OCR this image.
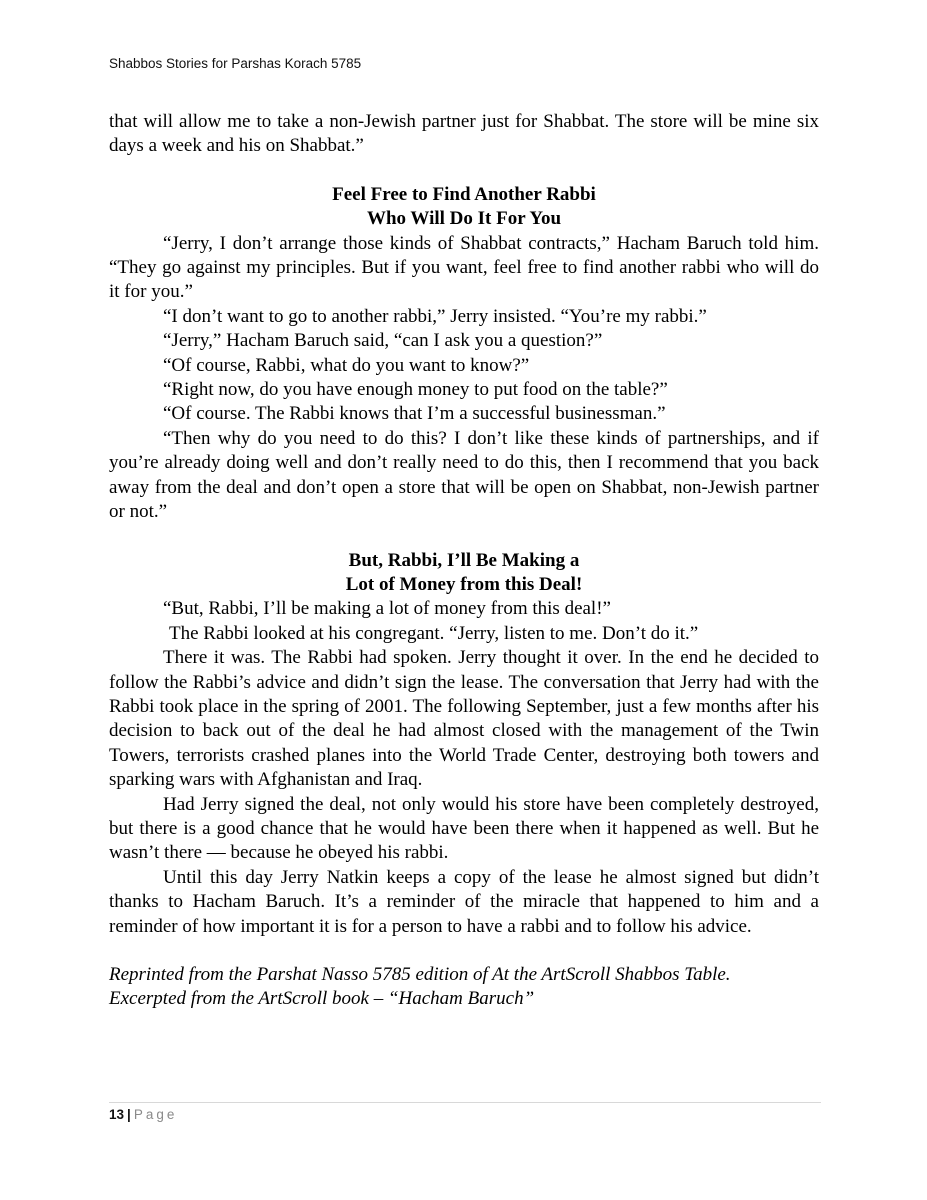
Shabbos Stories for Parshas Korach 5785

that will allow me to take a non-Jewish partner just for Shabbat. The store will be mine six days a week and his on Shabbat.”

Feel Free to Find Another Rabbi
Who Will Do It For You

“Jerry, I don’t arrange those kinds of Shabbat contracts,” Hacham Baruch told him. “They go against my principles. But if you want, feel free to find another rabbi who will do it for you.”

“I don’t want to go to another rabbi,” Jerry insisted. “You’re my rabbi.”

“Jerry,” Hacham Baruch said, “can I ask you a question?”

“Of course, Rabbi, what do you want to know?”

“Right now, do you have enough money to put food on the table?”

“Of course. The Rabbi knows that I’m a successful businessman.”

“Then why do you need to do this? I don’t like these kinds of partnerships, and if you’re already doing well and don’t really need to do this, then I recommend that you back away from the deal and don’t open a store that will be open on Shabbat, non-Jewish partner or not.”

But, Rabbi, I’ll Be Making a
Lot of Money from this Deal!

“But, Rabbi, I’ll be making a lot of money from this deal!”

The Rabbi looked at his congregant. “Jerry, listen to me. Don’t do it.”

There it was. The Rabbi had spoken. Jerry thought it over. In the end he decided to follow the Rabbi’s advice and didn’t sign the lease. The conversation that Jerry had with the Rabbi took place in the spring of 2001. The following September, just a few months after his decision to back out of the deal he had almost closed with the management of the Twin Towers, terrorists crashed planes into the World Trade Center, destroying both towers and sparking wars with Afghanistan and Iraq.

Had Jerry signed the deal, not only would his store have been completely destroyed, but there is a good chance that he would have been there when it happened as well. But he wasn’t there — because he obeyed his rabbi.

Until this day Jerry Natkin keeps a copy of the lease he almost signed but didn’t thanks to Hacham Baruch. It’s a reminder of the miracle that happened to him and a reminder of how important it is for a person to have a rabbi and to follow his advice.

Reprinted from the Parshat Nasso 5785 edition of At the ArtScroll Shabbos Table.
Excerpted from the ArtScroll book – “Hacham Baruch”
13 | Page
